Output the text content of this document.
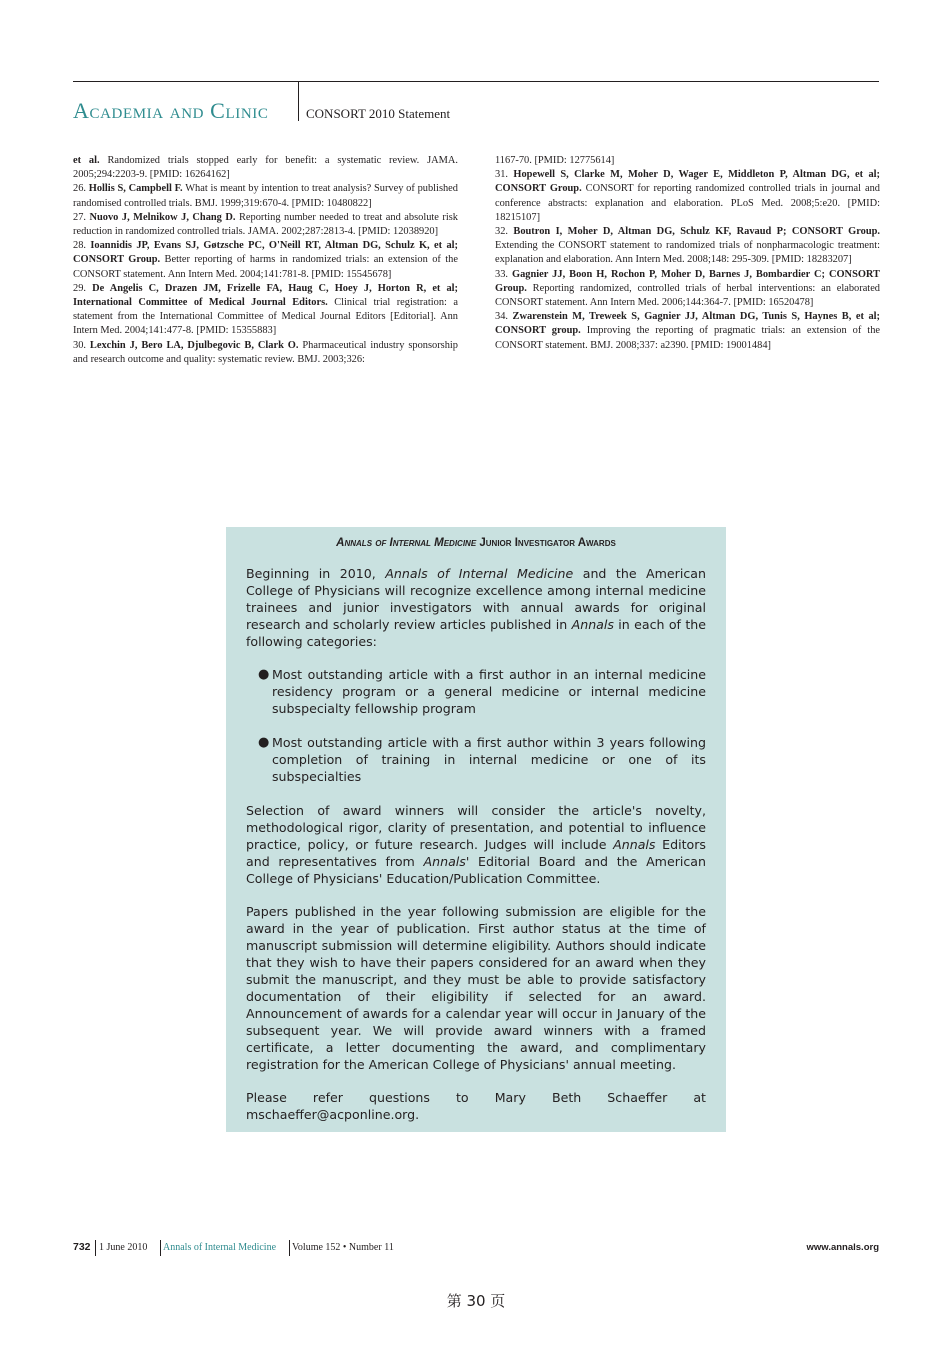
Academia and Clinic	CONSORT 2010 Statement

et al. Randomized trials stopped early for benefit: a systematic review. JAMA. 2005;294:2203-9. [PMID: 16264162]

26. Hollis S, Campbell F. What is meant by intention to treat analysis? Survey of published randomised controlled trials. BMJ. 1999;319:670-4. [PMID: 10480822]

27. Nuovo J, Melnikow J, Chang D. Reporting number needed to treat and absolute risk reduction in randomized controlled trials. JAMA. 2002;287:2813-4. [PMID: 12038920]

28. Ioannidis JP, Evans SJ, Gøtzsche PC, O'Neill RT, Altman DG, Schulz K, et al; CONSORT Group. Better reporting of harms in randomized trials: an extension of the CONSORT statement. Ann Intern Med. 2004;141:781-8. [PMID: 15545678]

29. De Angelis C, Drazen JM, Frizelle FA, Haug C, Hoey J, Horton R, et al; International Committee of Medical Journal Editors. Clinical trial registration: a statement from the International Committee of Medical Journal Editors [Editorial]. Ann Intern Med. 2004;141:477-8. [PMID: 15355883]

30. Lexchin J, Bero LA, Djulbegovic B, Clark O. Pharmaceutical industry sponsorship and research outcome and quality: systematic review. BMJ. 2003;326:

1167-70. [PMID: 12775614]

31. Hopewell S, Clarke M, Moher D, Wager E, Middleton P, Altman DG, et al; CONSORT Group. CONSORT for reporting randomized controlled trials in journal and conference abstracts: explanation and elaboration. PLoS Med. 2008;5:e20. [PMID: 18215107]

32. Boutron I, Moher D, Altman DG, Schulz KF, Ravaud P; CONSORT Group. Extending the CONSORT statement to randomized trials of nonpharmacologic treatment: explanation and elaboration. Ann Intern Med. 2008;148: 295-309. [PMID: 18283207]

33. Gagnier JJ, Boon H, Rochon P, Moher D, Barnes J, Bombardier C; CONSORT Group. Reporting randomized, controlled trials of herbal interventions: an elaborated CONSORT statement. Ann Intern Med. 2006;144:364-7. [PMID: 16520478]

34. Zwarenstein M, Treweek S, Gagnier JJ, Altman DG, Tunis S, Haynes B, et al; CONSORT group. Improving the reporting of pragmatic trials: an extension of the CONSORT statement. BMJ. 2008;337: a2390. [PMID: 19001484]

Annals of Internal Medicine Junior Investigator Awards

Beginning in 2010, Annals of Internal Medicine and the American College of Physicians will recognize excellence among internal medicine trainees and junior investigators with annual awards for original research and scholarly review articles published in Annals in each of the following categories:

● Most outstanding article with a first author in an internal medicine residency program or a general medicine or internal medicine subspecialty fellowship program
● Most outstanding article with a first author within 3 years following completion of training in internal medicine or one of its subspecialties

Selection of award winners will consider the article's novelty, methodological rigor, clarity of presentation, and potential to influence practice, policy, or future research. Judges will include Annals Editors and representatives from Annals' Editorial Board and the American College of Physicians' Education/Publication Committee.

Papers published in the year following submission are eligible for the award in the year of publication. First author status at the time of manuscript submission will determine eligibility. Authors should indicate that they wish to have their papers considered for an award when they submit the manuscript, and they must be able to provide satisfactory documentation of their eligibility if selected for an award. Announcement of awards for a calendar year will occur in January of the subsequent year. We will provide award winners with a framed certificate, a letter documenting the award, and complimentary registration for the American College of Physicians' annual meeting.

Please refer questions to Mary Beth Schaeffer at mschaeffer@acponline.org.

732 1 June 2010 Annals of Internal Medicine Volume 152 • Number 11	www.annals.org
第 30 页
